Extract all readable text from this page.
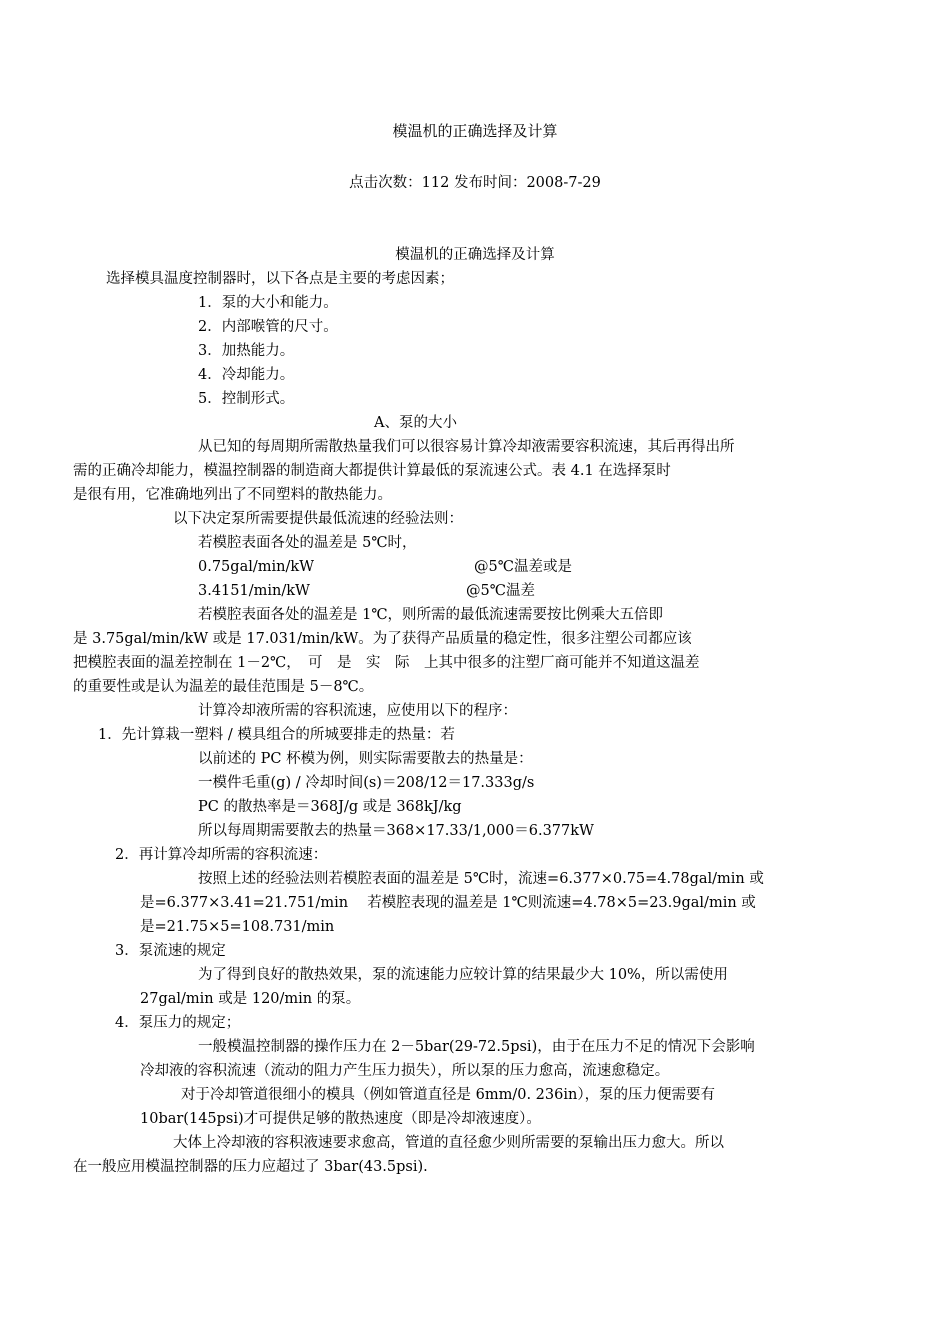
模温机的正确选择及计算
点击次数：112 发布时间：2008-7-29
模温机的正确选择及计算
选择模具温度控制器时，以下各点是主要的考虑因素；
1．泵的大小和能力。
2．内部喉管的尺寸。
3．加热能力。
4．冷却能力。
5．控制形式。
A、泵的大小
从已知的每周期所需散热量我们可以很容易计算冷却液需要容积流速，其后再得出所
需的正确冷却能力，模温控制器的制造商大都提供计算最低的泵流速公式。表 4.1 在选择泵时
是很有用，它准确地列出了不同塑料的散热能力。
以下决定泵所需要提供最低流速的经验法则：
若模腔表面各处的温差是 5℃时，
0.75gal/min/kW	@5℃温差或是
3.4151/min/kW	@5℃温差
若模腔表面各处的温差是 1℃，则所需的最低流速需要按比例乘大五倍即
是 3.75gal/min/kW 或是 17.031/min/kW。为了获得产品质量的稳定性，很多注塑公司都应该
把模腔表面的温差控制在 1－2℃，　可　是　实　际　上其中很多的注塑厂商可能并不知道这温差
的重要性或是认为温差的最佳范围是 5－8℃。
计算冷却液所需的容积流速，应使用以下的程序：
1．先计算栽一塑料 / 模具组合的所城要排走的热量：若
以前述的 PC 杯模为例，则实际需要散去的热量是：
一模件毛重(g) / 冷却时间(s)＝208/12＝17.333g/s
PC 的散热率是＝368J/g 或是 368kJ/kg
所以每周期需要散去的热量＝368×17.33/1,000＝6.377kW
2．再计算冷却所需的容积流速：
按照上述的经验法则若模腔表面的温差是 5℃时，流速=6.377×0.75=4.78gal/min 或
是=6.377×3.41=21.751/min　 若模腔表现的温差是 1℃则流速=4.78×5=23.9gal/min 或
是=21.75×5=108.731/min
3．泵流速的规定
为了得到良好的散热效果，泵的流速能力应较计算的结果最少大 10%，所以需使用
27gal/min 或是 120/min 的泵。
4．泵压力的规定；
一般模温控制器的操作压力在 2－5bar(29-72.5psi)，由于在压力不足的情况下会影响
冷却液的容积流速（流动的阻力产生压力损失），所以泵的压力愈高，流速愈稳定。
对于冷却管道很细小的模具（例如管道直径是 6mm/0. 236in），泵的压力便需要有
10bar(145psi)才可提供足够的散热速度（即是冷却液速度）。
大体上冷却液的容积液速要求愈高，管道的直径愈少则所需要的泵输出压力愈大。所以
在一般应用模温控制器的压力应超过了 3bar(43.5psi).
